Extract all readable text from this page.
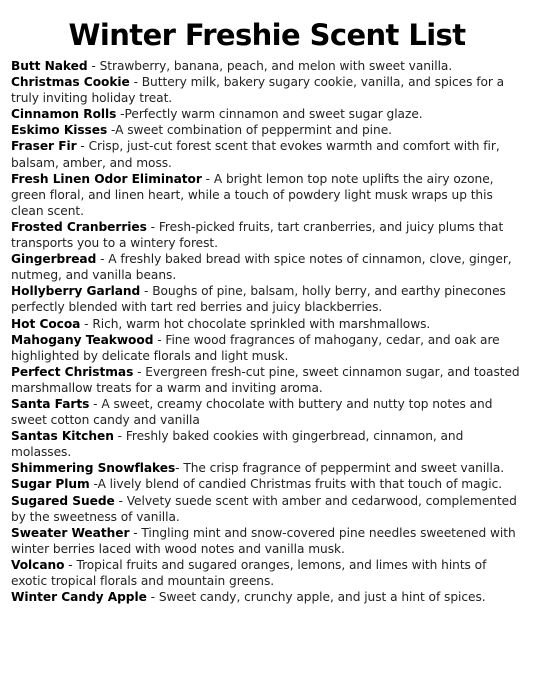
Winter Freshie Scent List
Butt Naked - Strawberry, banana, peach, and melon with sweet vanilla.
Christmas Cookie - Buttery milk, bakery sugary cookie, vanilla, and spices for a truly inviting holiday treat.
Cinnamon Rolls -Perfectly warm cinnamon and sweet sugar glaze.
Eskimo Kisses -A sweet combination of peppermint and pine.
Fraser Fir - Crisp, just-cut forest scent that evokes warmth and comfort with fir, balsam, amber, and moss.
Fresh Linen Odor Eliminator - A bright lemon top note uplifts the airy ozone, green floral, and linen heart, while a touch of powdery light musk wraps up this clean scent.
Frosted Cranberries - Fresh-picked fruits, tart cranberries, and juicy plums that transports you to a wintery forest.
Gingerbread - A freshly baked bread with spice notes of cinnamon, clove, ginger, nutmeg, and vanilla beans.
Hollyberry Garland - Boughs of pine, balsam, holly berry, and earthy pinecones perfectly blended with tart red berries and juicy blackberries.
Hot Cocoa - Rich, warm hot chocolate sprinkled with marshmallows.
Mahogany Teakwood - Fine wood fragrances of mahogany, cedar, and oak are highlighted by delicate florals and light musk.
Perfect Christmas - Evergreen fresh-cut pine, sweet cinnamon sugar, and toasted marshmallow treats for a warm and inviting aroma.
Santa Farts - A sweet, creamy chocolate with buttery and nutty top notes and sweet cotton candy and vanilla
Santas Kitchen - Freshly baked cookies with gingerbread, cinnamon, and molasses.
Shimmering Snowflakes- The crisp fragrance of peppermint and sweet vanilla.
Sugar Plum -A lively blend of candied Christmas fruits with that touch of magic.
Sugared Suede - Velvety suede scent with amber and cedarwood, complemented by the sweetness of vanilla.
Sweater Weather - Tingling mint and snow-covered pine needles sweetened with winter berries laced with wood notes and vanilla musk.
Volcano - Tropical fruits and sugared oranges, lemons, and limes with hints of exotic tropical florals and mountain greens.
Winter Candy Apple - Sweet candy, crunchy apple, and just a hint of spices.
